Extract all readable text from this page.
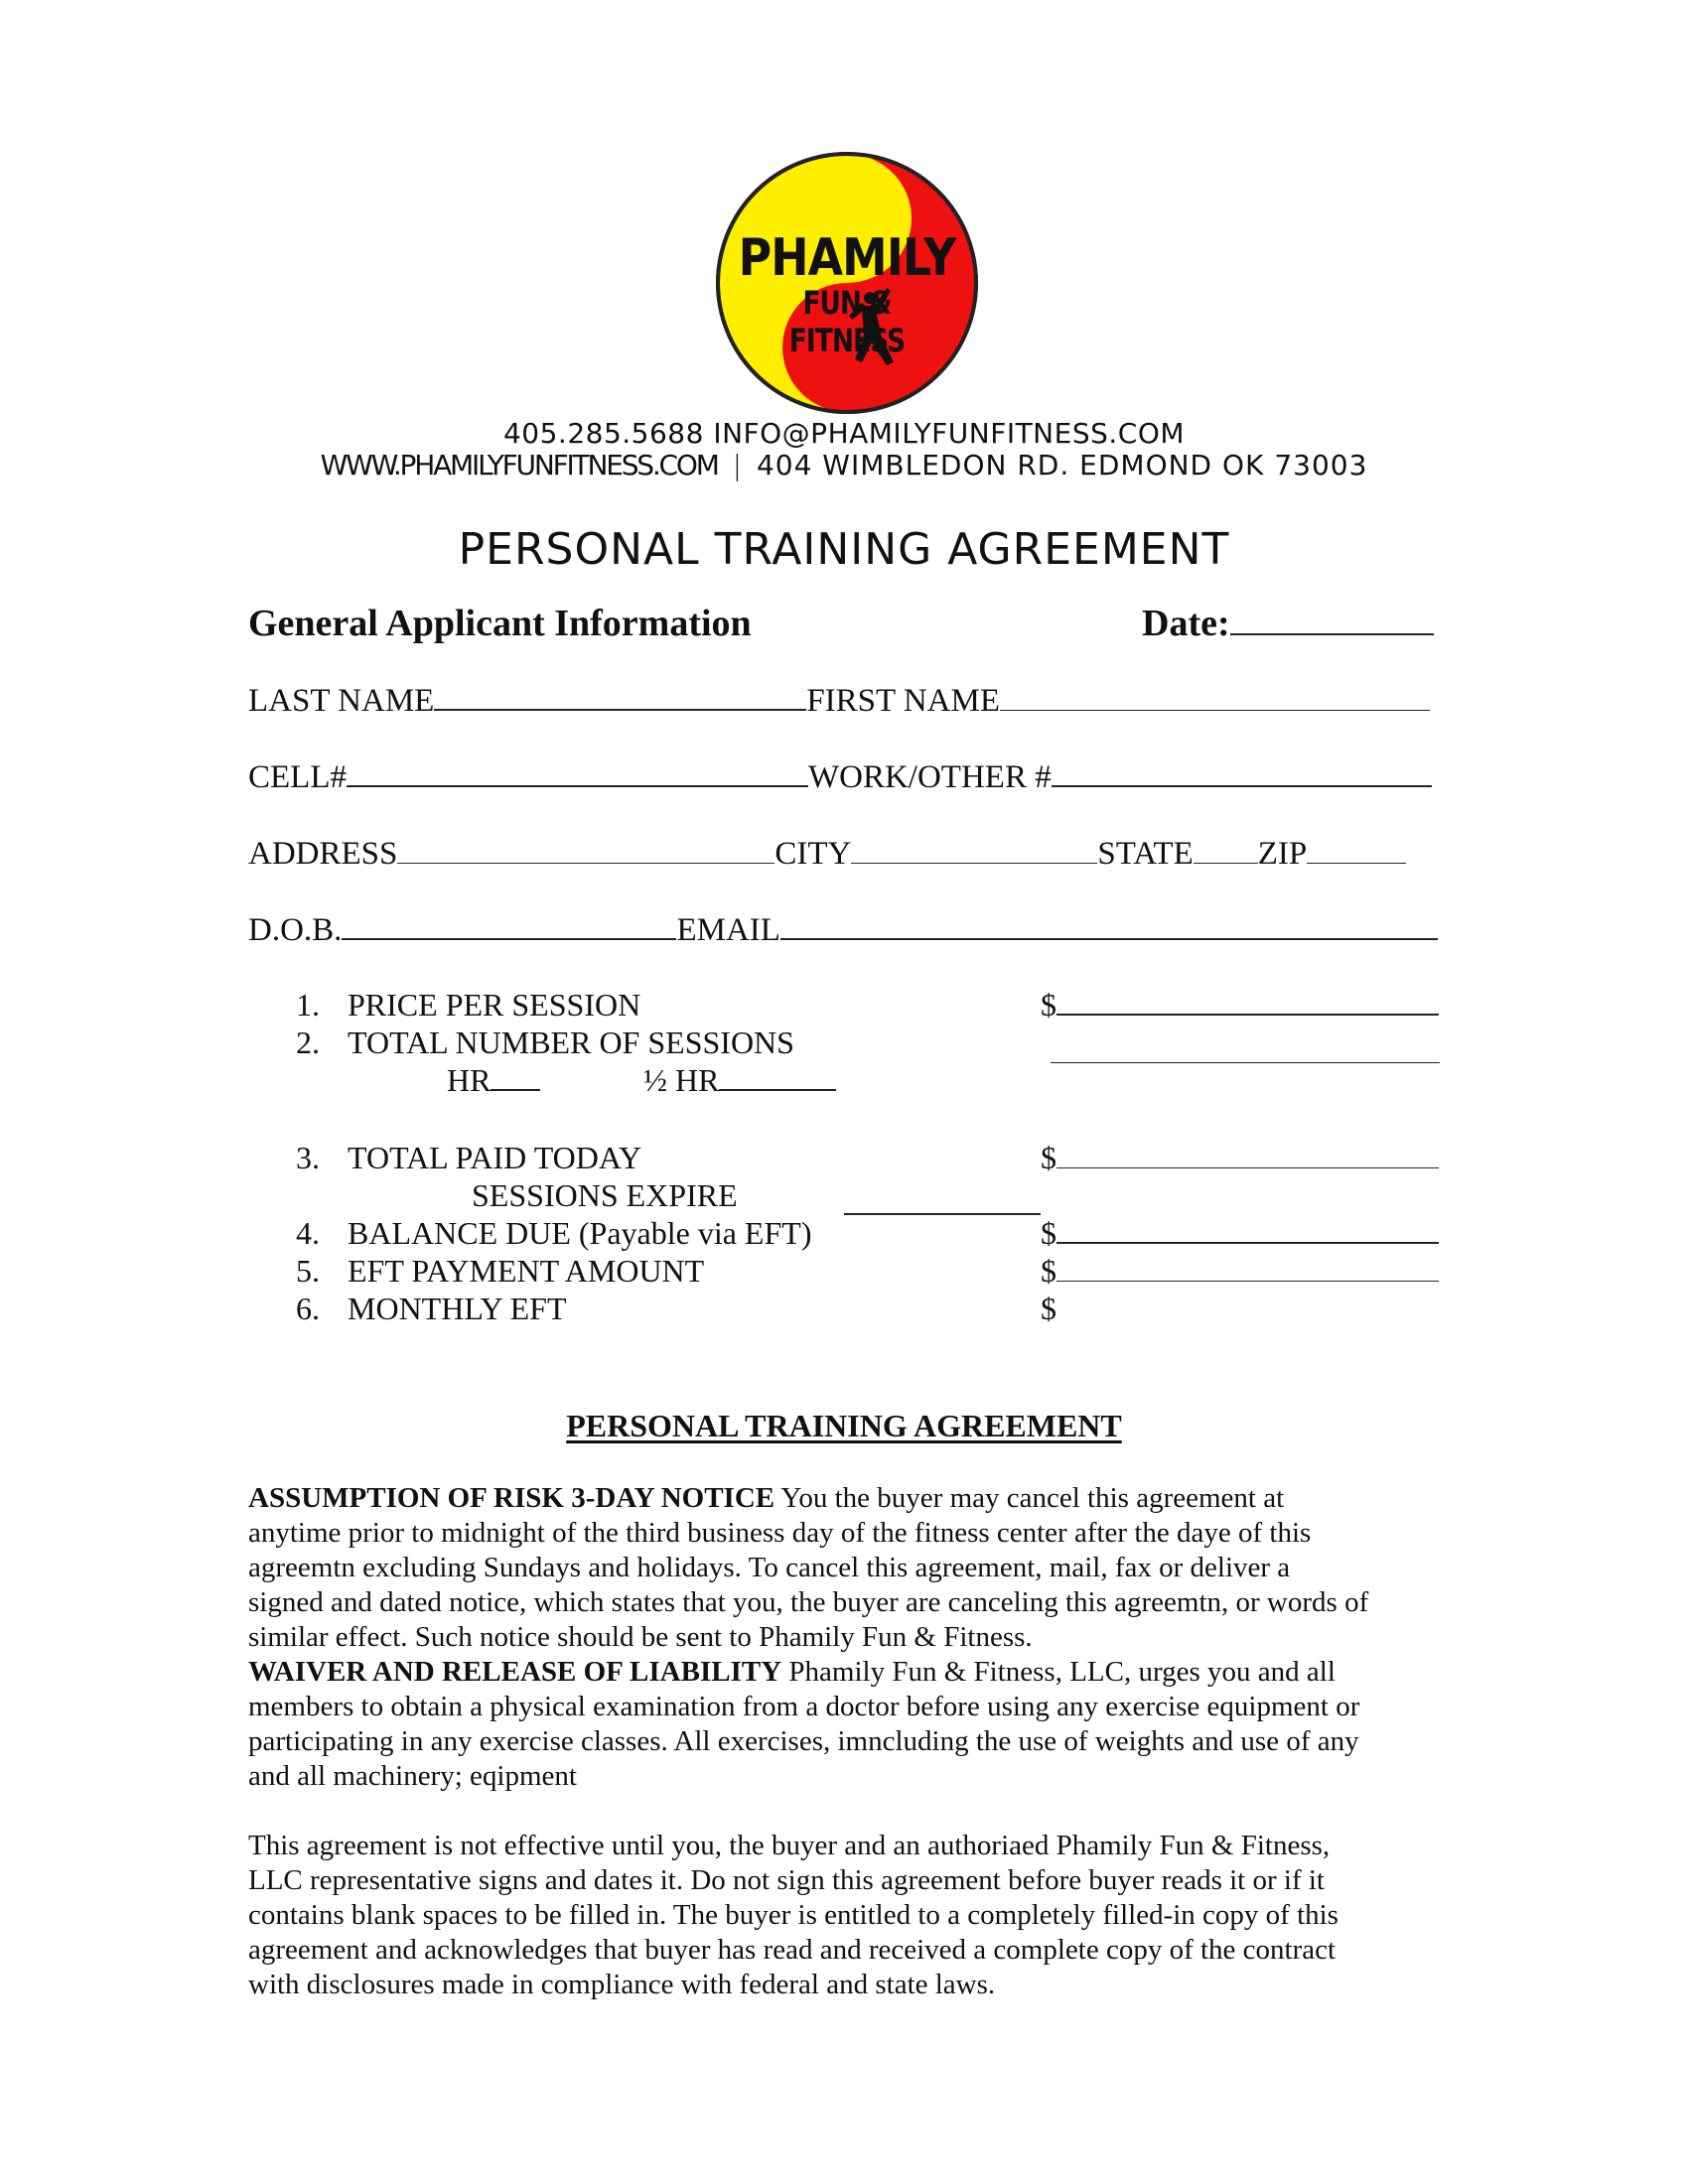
PHAMILY
FUN & FITNESS
405.285.5688 INFO@PHAMILYFUNFITNESS.COM
WWW.PHAMILYFUNFITNESS.COM | 404 WIMBLEDON RD. EDMOND OK 73003
PERSONAL TRAINING AGREEMENT
General Applicant Information	Date:
LAST NAME	FIRST NAME
CELL#	WORK/OTHER #
ADDRESS	CITY	STATE ZIP
D.O.B.	EMAIL
1. PRICE PER SESSION	$
2. TOTAL NUMBER OF SESSIONS
HR	½ HR
3. TOTAL PAID TODAY	$
SESSIONS EXPIRE
4. BALANCE DUE (Payable via EFT)	$
5. EFT PAYMENT AMOUNT	$
6. MONTHLY EFT	$
PERSONAL TRAINING AGREEMENT
ASSUMPTION OF RISK 3-DAY NOTICE You the buyer may cancel this agreement at
anytime prior to midnight of the third business day of the fitness center after the daye of this
agreemtn excluding Sundays and holidays. To cancel this agreement, mail, fax or deliver a
signed and dated notice, which states that you, the buyer are canceling this agreemtn, or words of
similar effect. Such notice should be sent to Phamily Fun & Fitness.
WAIVER AND RELEASE OF LIABILITY Phamily Fun & Fitness, LLC, urges you and all
members to obtain a physical examination from a doctor before using any exercise equipment or
participating in any exercise classes. All exercises, imncluding the use of weights and use of any
and all machinery; eqipment
This agreement is not effective until you, the buyer and an authoriaed Phamily Fun & Fitness,
LLC representative signs and dates it. Do not sign this agreement before buyer reads it or if it
contains blank spaces to be filled in. The buyer is entitled to a completely filled-in copy of this
agreement and acknowledges that buyer has read and received a complete copy of the contract
with disclosures made in compliance with federal and state laws.
